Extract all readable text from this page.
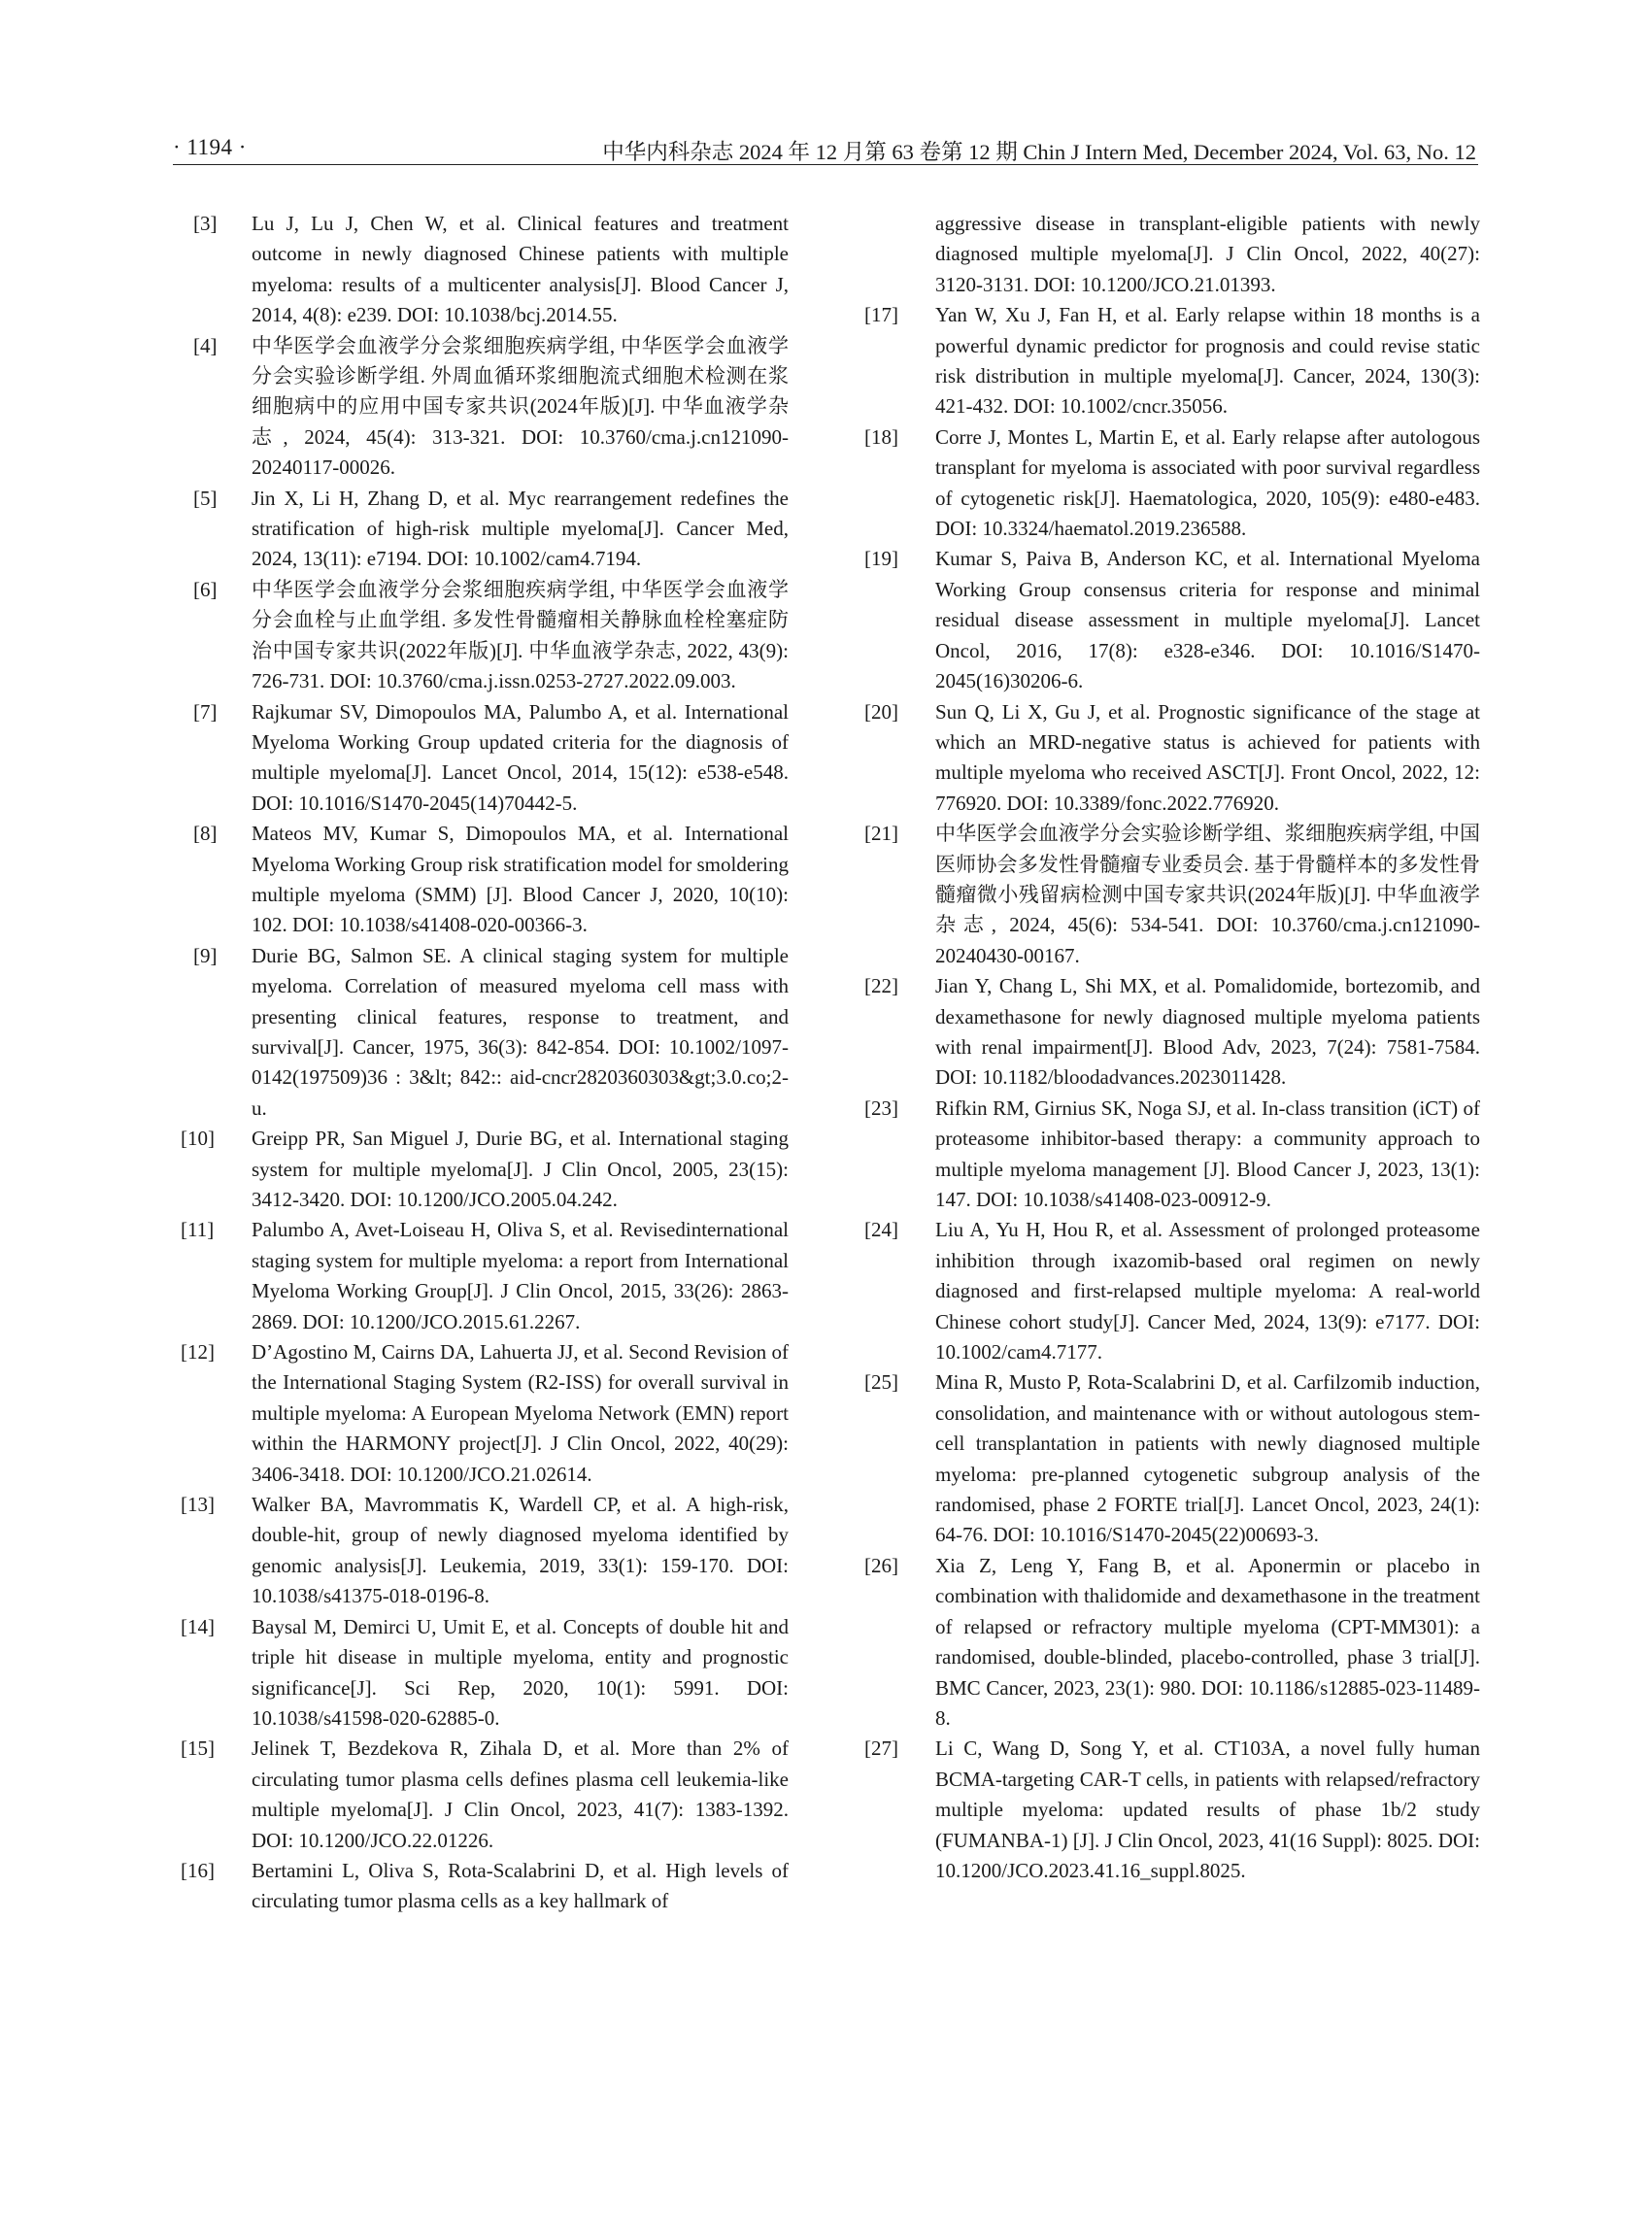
· 1194 ·	中华内科杂志 2024 年 12 月第 63 卷第 12 期 Chin J Intern Med, December 2024, Vol. 63, No. 12
[3]	Lu J, Lu J, Chen W, et al. Clinical features and treatment outcome in newly diagnosed Chinese patients with multiple myeloma: results of a multicenter analysis[J]. Blood Cancer J, 2014, 4(8): e239. DOI: 10.1038/bcj.2014.55.
[4]	中华医学会血液学分会浆细胞疾病学组, 中华医学会血液学分会实验诊断学组. 外周血循环浆细胞流式细胞术检测在浆细胞病中的应用中国专家共识(2024年版)[J]. 中华血液学杂志, 2024, 45(4): 313-321. DOI: 10.3760/cma.j.cn121090-20240117-00026.
[5]	Jin X, Li H, Zhang D, et al. Myc rearrangement redefines the stratification of high-risk multiple myeloma[J]. Cancer Med, 2024, 13(11): e7194. DOI: 10.1002/cam4.7194.
[6]	中华医学会血液学分会浆细胞疾病学组, 中华医学会血液学分会血栓与止血学组. 多发性骨髓瘤相关静脉血栓栓塞症防治中国专家共识(2022年版)[J]. 中华血液学杂志, 2022, 43(9): 726-731. DOI: 10.3760/cma.j.issn.0253-2727.2022.09.003.
[7]	Rajkumar SV, Dimopoulos MA, Palumbo A, et al. International Myeloma Working Group updated criteria for the diagnosis of multiple myeloma[J]. Lancet Oncol, 2014, 15(12): e538-e548. DOI: 10.1016/S1470-2045(14)70442-5.
[8]	Mateos MV, Kumar S, Dimopoulos MA, et al. International Myeloma Working Group risk stratification model for smoldering multiple myeloma (SMM) [J]. Blood Cancer J, 2020, 10(10): 102. DOI: 10.1038/s41408-020-00366-3.
[9]	Durie BG, Salmon SE. A clinical staging system for multiple myeloma. Correlation of measured myeloma cell mass with presenting clinical features, response to treatment, and survival[J]. Cancer, 1975, 36(3): 842-854. DOI: 10.1002/1097-0142(197509)36 : 3&lt; 842:: aid-cncr2820360303&gt;3.0.co;2-u.
[10]	Greipp PR, San Miguel J, Durie BG, et al. International staging system for multiple myeloma[J]. J Clin Oncol, 2005, 23(15): 3412-3420. DOI: 10.1200/JCO.2005.04.242.
[11]	Palumbo A, Avet-Loiseau H, Oliva S, et al. Revisedinternational staging system for multiple myeloma: a report from International Myeloma Working Group[J]. J Clin Oncol, 2015, 33(26): 2863-2869. DOI: 10.1200/JCO.2015.61.2267.
[12]	D’Agostino M, Cairns DA, Lahuerta JJ, et al. Second Revision of the International Staging System (R2-ISS) for overall survival in multiple myeloma: A European Myeloma Network (EMN) report within the HARMONY project[J]. J Clin Oncol, 2022, 40(29): 3406-3418. DOI: 10.1200/JCO.21.02614.
[13]	Walker BA, Mavrommatis K, Wardell CP, et al. A high-risk, double-hit, group of newly diagnosed myeloma identified by genomic analysis[J]. Leukemia, 2019, 33(1): 159-170. DOI: 10.1038/s41375-018-0196-8.
[14]	Baysal M, Demirci U, Umit E, et al. Concepts of double hit and triple hit disease in multiple myeloma, entity and prognostic significance[J]. Sci Rep, 2020, 10(1): 5991. DOI: 10.1038/s41598-020-62885-0.
[15]	Jelinek T, Bezdekova R, Zihala D, et al. More than 2% of circulating tumor plasma cells defines plasma cell leukemia-like multiple myeloma[J]. J Clin Oncol, 2023, 41(7): 1383-1392. DOI: 10.1200/JCO.22.01226.
[16]	Bertamini L, Oliva S, Rota-Scalabrini D, et al. High levels of circulating tumor plasma cells as a key hallmark of
aggressive disease in transplant-eligible patients with newly diagnosed multiple myeloma[J]. J Clin Oncol, 2022, 40(27): 3120-3131. DOI: 10.1200/JCO.21.01393.
[17]	Yan W, Xu J, Fan H, et al. Early relapse within 18 months is a powerful dynamic predictor for prognosis and could revise static risk distribution in multiple myeloma[J]. Cancer, 2024, 130(3): 421-432. DOI: 10.1002/cncr.35056.
[18]	Corre J, Montes L, Martin E, et al. Early relapse after autologous transplant for myeloma is associated with poor survival regardless of cytogenetic risk[J]. Haematologica, 2020, 105(9): e480-e483. DOI: 10.3324/haematol.2019.236588.
[19]	Kumar S, Paiva B, Anderson KC, et al. International Myeloma Working Group consensus criteria for response and minimal residual disease assessment in multiple myeloma[J]. Lancet Oncol, 2016, 17(8): e328-e346. DOI: 10.1016/S1470-2045(16)30206-6.
[20]	Sun Q, Li X, Gu J, et al. Prognostic significance of the stage at which an MRD-negative status is achieved for patients with multiple myeloma who received ASCT[J]. Front Oncol, 2022, 12: 776920. DOI: 10.3389/fonc.2022.776920.
[21]	中华医学会血液学分会实验诊断学组、浆细胞疾病学组, 中国医师协会多发性骨髓瘤专业委员会. 基于骨髓样本的多发性骨髓瘤微小残留病检测中国专家共识(2024年版)[J]. 中华血液学杂志, 2024, 45(6): 534-541. DOI: 10.3760/cma.j.cn121090-20240430-00167.
[22]	Jian Y, Chang L, Shi MX, et al. Pomalidomide, bortezomib, and dexamethasone for newly diagnosed multiple myeloma patients with renal impairment[J]. Blood Adv, 2023, 7(24): 7581-7584. DOI: 10.1182/bloodadvances.2023011428.
[23]	Rifkin RM, Girnius SK, Noga SJ, et al. In-class transition (iCT) of proteasome inhibitor-based therapy: a community approach to multiple myeloma management [J]. Blood Cancer J, 2023, 13(1): 147. DOI: 10.1038/s41408-023-00912-9.
[24]	Liu A, Yu H, Hou R, et al. Assessment of prolonged proteasome inhibition through ixazomib-based oral regimen on newly diagnosed and first-relapsed multiple myeloma: A real-world Chinese cohort study[J]. Cancer Med, 2024, 13(9): e7177. DOI: 10.1002/cam4.7177.
[25]	Mina R, Musto P, Rota-Scalabrini D, et al. Carfilzomib induction, consolidation, and maintenance with or without autologous stem-cell transplantation in patients with newly diagnosed multiple myeloma: pre-planned cytogenetic subgroup analysis of the randomised, phase 2 FORTE trial[J]. Lancet Oncol, 2023, 24(1): 64-76. DOI: 10.1016/S1470-2045(22)00693-3.
[26]	Xia Z, Leng Y, Fang B, et al. Aponermin or placebo in combination with thalidomide and dexamethasone in the treatment of relapsed or refractory multiple myeloma (CPT-MM301): a randomised, double-blinded, placebo-controlled, phase 3 trial[J]. BMC Cancer, 2023, 23(1): 980. DOI: 10.1186/s12885-023-11489-8.
[27]	Li C, Wang D, Song Y, et al. CT103A, a novel fully human BCMA-targeting CAR-T cells, in patients with relapsed/refractory multiple myeloma: updated results of phase 1b/2 study (FUMANBA-1) [J]. J Clin Oncol, 2023, 41(16 Suppl): 8025. DOI: 10.1200/JCO.2023.41.16_suppl.8025.
